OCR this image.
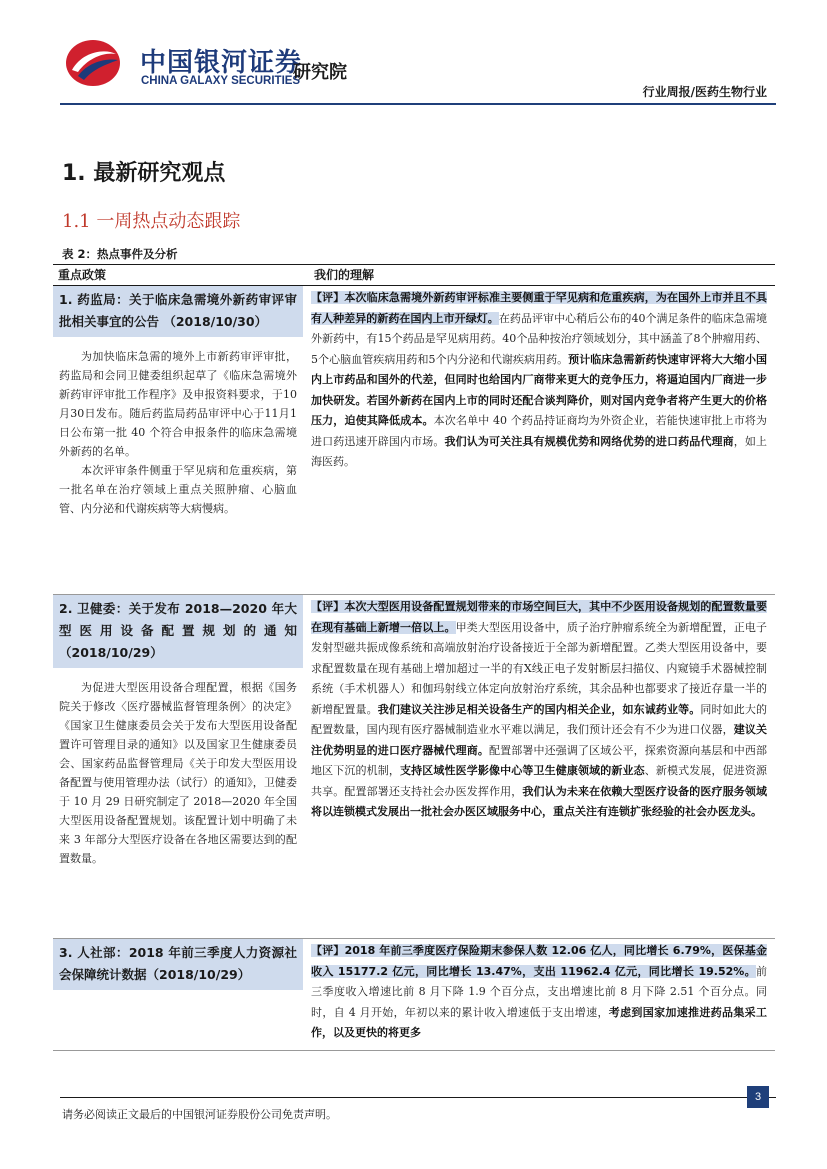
中国银河证券
CHINA GALAXY SECURITIES
研究院
行业周报/医药生物行业
1. 最新研究观点
1.1 一周热点动态跟踪
表 2：热点事件及分析
重点政策	我们的理解
1. 药监局：关于临床急需境外新药审评审批相关事宜的公告 （2018/10/30）

为加快临床急需的境外上市新药审评审批，药监局和会同卫健委组织起草了《临床急需境外新药审评审批工作程序》及申报资料要求，于10月30日发布。随后药监局药品审评中心于11月1日公布第一批 40 个符合申报条件的临床急需境外新药的名单。

本次评审条件侧重于罕见病和危重疾病，第一批名单在治疗领域上重点关照肿瘤、心脑血管、内分泌和代谢疾病等大病慢病。

【评】本次临床急需境外新药审评标准主要侧重于罕见病和危重疾病，为在国外上市并且不具有人种差异的新药在国内上市开绿灯。在药品评审中心稍后公布的40个满足条件的临床急需境外新药中，有15个药品是罕见病用药。40个品种按治疗领域划分，其中涵盖了8个肿瘤用药、5个心脑血管疾病用药和5个内分泌和代谢疾病用药。预计临床急需新药快速审评将大大缩小国内上市药品和国外的代差，但同时也给国内厂商带来更大的竞争压力，将逼迫国内厂商进一步加快研发。若国外新药在国内上市的同时还配合谈判降价，则对国内竞争者将产生更大的价格压力，迫使其降低成本。本次名单中 40 个药品持证商均为外资企业，若能快速审批上市将为进口药迅速开辟国内市场。我们认为可关注具有规模优势和网络优势的进口药品代理商，如上海医药。

2. 卫健委：关于发布 2018—2020 年大型医用设备配置规划的通知 （2018/10/29）

为促进大型医用设备合理配置，根据《国务院关于修改〈医疗器械监督管理条例〉的决定》《国家卫生健康委员会关于发布大型医用设备配置许可管理目录的通知》以及国家卫生健康委员会、国家药品监督管理局《关于印发大型医用设备配置与使用管理办法（试行）的通知》，卫健委于 10 月 29 日研究制定了 2018—2020 年全国大型医用设备配置规划。该配置计划中明确了未来 3 年部分大型医疗设备在各地区需要达到的配置数量。

【评】本次大型医用设备配置规划带来的市场空间巨大，其中不少医用设备规划的配置数量要在现有基础上新增一倍以上。甲类大型医用设备中，质子治疗肿瘤系统全为新增配置，正电子发射型磁共振成像系统和高端放射治疗设备接近于全部为新增配置。乙类大型医用设备中，要求配置数量在现有基础上增加超过一半的有X线正电子发射断层扫描仪、内窥镜手术器械控制系统（手术机器人）和伽玛射线立体定向放射治疗系统，其余品种也都要求了接近存量一半的新增配置量。我们建议关注涉足相关设备生产的国内相关企业，如东诚药业等。同时如此大的配置数量，国内现有医疗器械制造业水平难以满足，我们预计还会有不少为进口仪器，建议关注优势明显的进口医疗器械代理商。配置部署中还强调了区域公平，探索资源向基层和中西部地区下沉的机制，支持区域性医学影像中心等卫生健康领域的新业态、新模式发展，促进资源共享。配置部署还支持社会办医发挥作用，我们认为未来在依赖大型医疗设备的医疗服务领域将以连锁模式发展出一批社会办医区域服务中心，重点关注有连锁扩张经验的社会办医龙头。

3. 人社部：2018 年前三季度人力资源社会保障统计数据（2018/10/29）

【评】2018 年前三季度医疗保险期末参保人数 12.06 亿人，同比增长 6.79%，医保基金收入 15177.2 亿元，同比增长 13.47%，支出 11962.4 亿元，同比增长 19.52%。前三季度收入增速比前 8 月下降 1.9 个百分点，支出增速比前 8 月下降 2.51 个百分点。同时，自 4 月开始，年初以来的累计收入增速低于支出增速，考虑到国家加速推进药品集采工作，以及更快的将更多

请务必阅读正文最后的中国银河证券股份公司免责声明。
3
